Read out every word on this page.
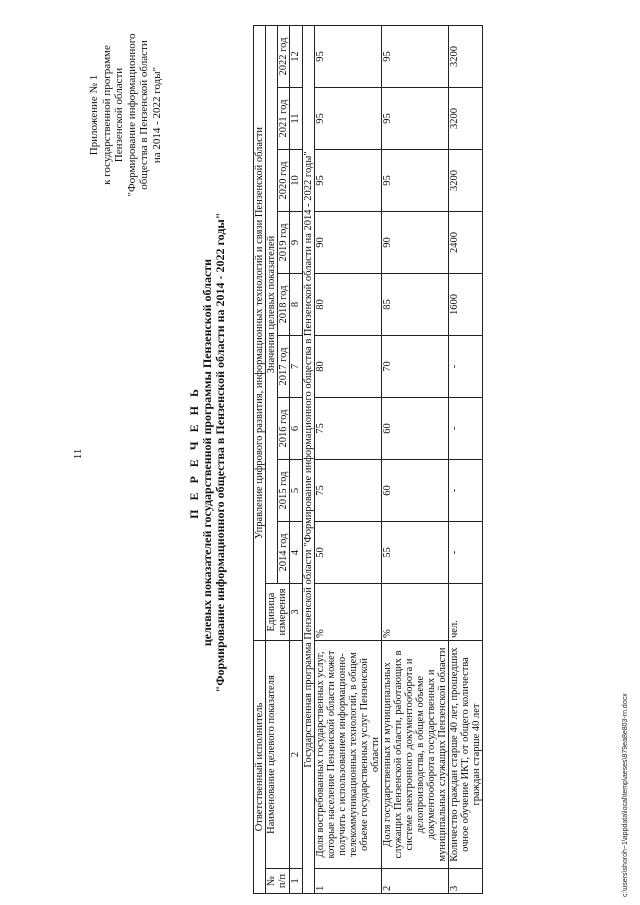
11
Приложение № 1 к государственной программе Пензенской области "Формирование информационного общества в Пензенской области на 2014 - 2022 годы"
П Е Р Е Ч Е Н Ь целевых показателей государственной программы Пензенской области "Формирование информационного общества в Пензенской области на 2014 - 2022 годы"
Ответственный исполнитель		Управление цифрового развития, информационных технологий и связи Пензенской области									
№ п/п	Наименование целевого показателя	Единица измерения	Значения целевых показателей								
			2014 год	2015 год	2016 год	2017 год	2018 год	2019 год	2020 год	2021 год	2022 год
1	2	3	4	5	6	7	8	9	10	11	12
Государственная программа Пензенской области "Формирование информационного общества в Пензенской области на 2014 - 2022 годы"											
1	Доля востребованных государственных услуг, которые население Пензенской области может получить с использованием информационно-телекоммуникационных технологий, в общем объеме государственных услуг Пензенской области	%	50	75	75	80	80	90	95	95	95
2	Доля государственных и муниципальных служащих Пензенской области, работающих в системе электронного документооборота и делопроизводства, в общем объеме документооборота государственных и муниципальных служащих Пензенской области	%	55	60	60	70	85	90	95	95	95
3	Количество граждан старше 40 лет, прошедших очное обучение ИКТ, от общего количества граждан старше 40 лет	чел.	-	-	-	-	1600	2400	3200	3200	3200
c:\users\shoroh~1\appdata\local\temp\aeses\879ea8e803-rn.docx
